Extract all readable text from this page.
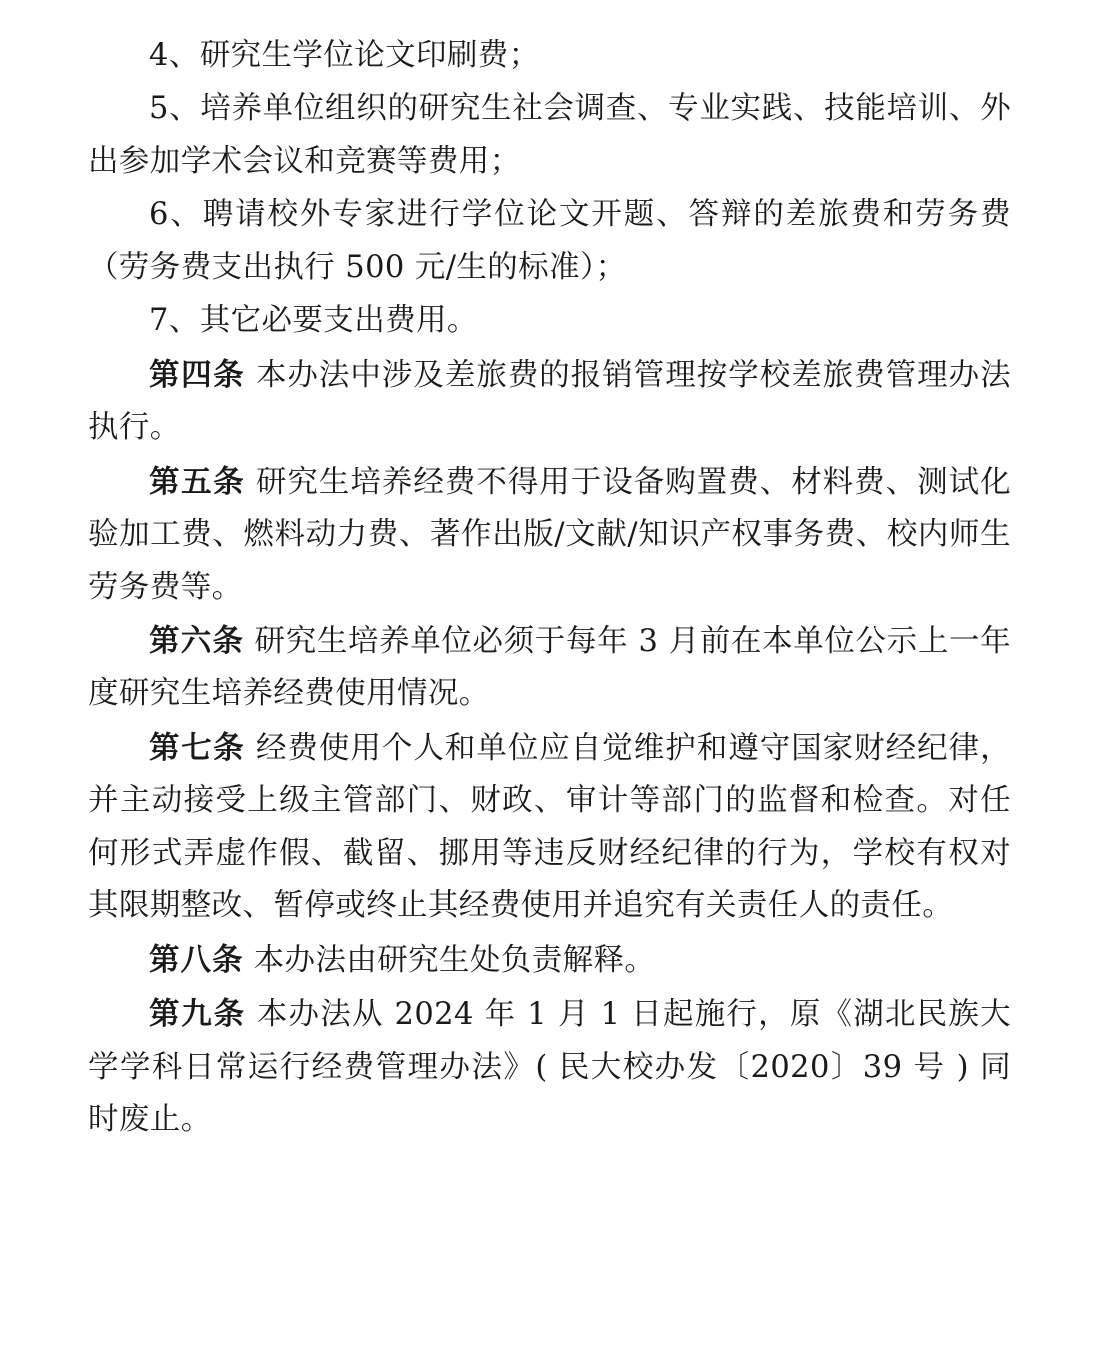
4、研究生学位论文印刷费；

5、培养单位组织的研究生社会调查、专业实践、技能培训、外出参加学术会议和竞赛等费用；

6、聘请校外专家进行学位论文开题、答辩的差旅费和劳务费（劳务费支出执行 500 元/生的标准）；

7、其它必要支出费用。

第四条 本办法中涉及差旅费的报销管理按学校差旅费管理办法执行。

第五条 研究生培养经费不得用于设备购置费、材料费、测试化验加工费、燃料动力费、著作出版/文献/知识产权事务费、校内师生劳务费等。

第六条 研究生培养单位必须于每年 3 月前在本单位公示上一年度研究生培养经费使用情况。

第七条 经费使用个人和单位应自觉维护和遵守国家财经纪律，并主动接受上级主管部门、财政、审计等部门的监督和检查。对任何形式弄虚作假、截留、挪用等违反财经纪律的行为，学校有权对其限期整改、暂停或终止其经费使用并追究有关责任人的责任。

第八条 本办法由研究生处负责解释。

第九条 本办法从 2024 年 1 月 1 日起施行，原《湖北民族大学学科日常运行经费管理办法》( 民大校办发〔2020〕39 号 ) 同时废止。
